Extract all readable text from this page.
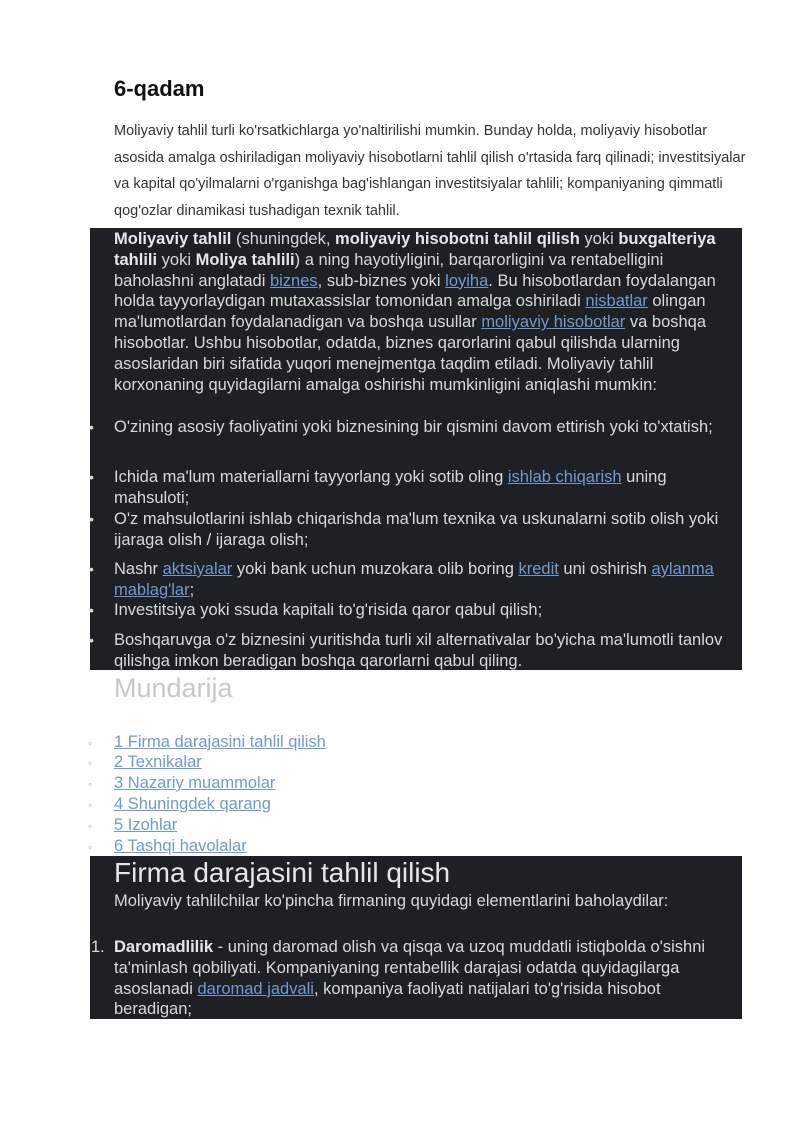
6-qadam

Moliyaviy tahlil turli ko'rsatkichlarga yo'naltirilishi mumkin. Bunday holda, moliyaviy hisobotlar asosida amalga oshiriladigan moliyaviy hisobotlarni tahlil qilish o'rtasida farq qilinadi; investitsiyalar va kapital qo'yilmalarni o'rganishga bag'ishlangan investitsiyalar tahlili; kompaniyaning qimmatli qog'ozlar dinamikasi tushadigan texnik tahlil.

Moliyaviy tahlil (shuningdek, moliyaviy hisobotni tahlil qilish yoki buxgalteriya tahlili yoki Moliya tahlili) a ning hayotiyligini, barqarorligini va rentabelligini baholashni anglatadi biznes, sub-biznes yoki loyiha. Bu hisobotlardan foydalangan holda tayyorlaydigan mutaxassislar tomonidan amalga oshiriladi nisbatlar olingan ma'lumotlardan foydalanadigan va boshqa usullar moliyaviy hisobotlar va boshqa hisobotlar. Ushbu hisobotlar, odatda, biznes qarorlarini qabul qilishda ularning asoslaridan biri sifatida yuqori menejmentga taqdim etiladi. Moliyaviy tahlil korxonaning quyidagilarni amalga oshirishi mumkinligini aniqlashi mumkin:

• O'zining asosiy faoliyatini yoki biznesining bir qismini davom ettirish yoki to'xtatish;
• Ichida ma'lum materiallarni tayyorlang yoki sotib oling ishlab chiqarish uning mahsuloti;
• O'z mahsulotlarini ishlab chiqarishda ma'lum texnika va uskunalarni sotib olish yoki ijaraga olish / ijaraga olish;
• Nashr aktsiyalar yoki bank uchun muzokara olib boring kredit uni oshirish aylanma mablag'lar;
• Investitsiya yoki ssuda kapitali to'g'risida qaror qabul qilish;
• Boshqaruvga o'z biznesini yuritishda turli xil alternativalar bo'yicha ma'lumotli tanlov qilishga imkon beradigan boshqa qarorlarni qabul qiling.
Mundarija
◦ 1 Firma darajasini tahlil qilish
◦ 2 Texnikalar
◦ 3 Nazariy muammolar
◦ 4 Shuningdek qarang
◦ 5 Izohlar
◦ 6 Tashqi havolalar
Firma darajasini tahlil qilish

Moliyaviy tahlilchilar ko'pincha firmaning quyidagi elementlarini baholaydilar:

1. Daromadlilik - uning daromad olish va qisqa va uzoq muddatli istiqbolda o'sishni ta'minlash qobiliyati. Kompaniyaning rentabellik darajasi odatda quyidagilarga asoslanadi daromad jadvali, kompaniya faoliyati natijalari to'g'risida hisobot beradigan;
